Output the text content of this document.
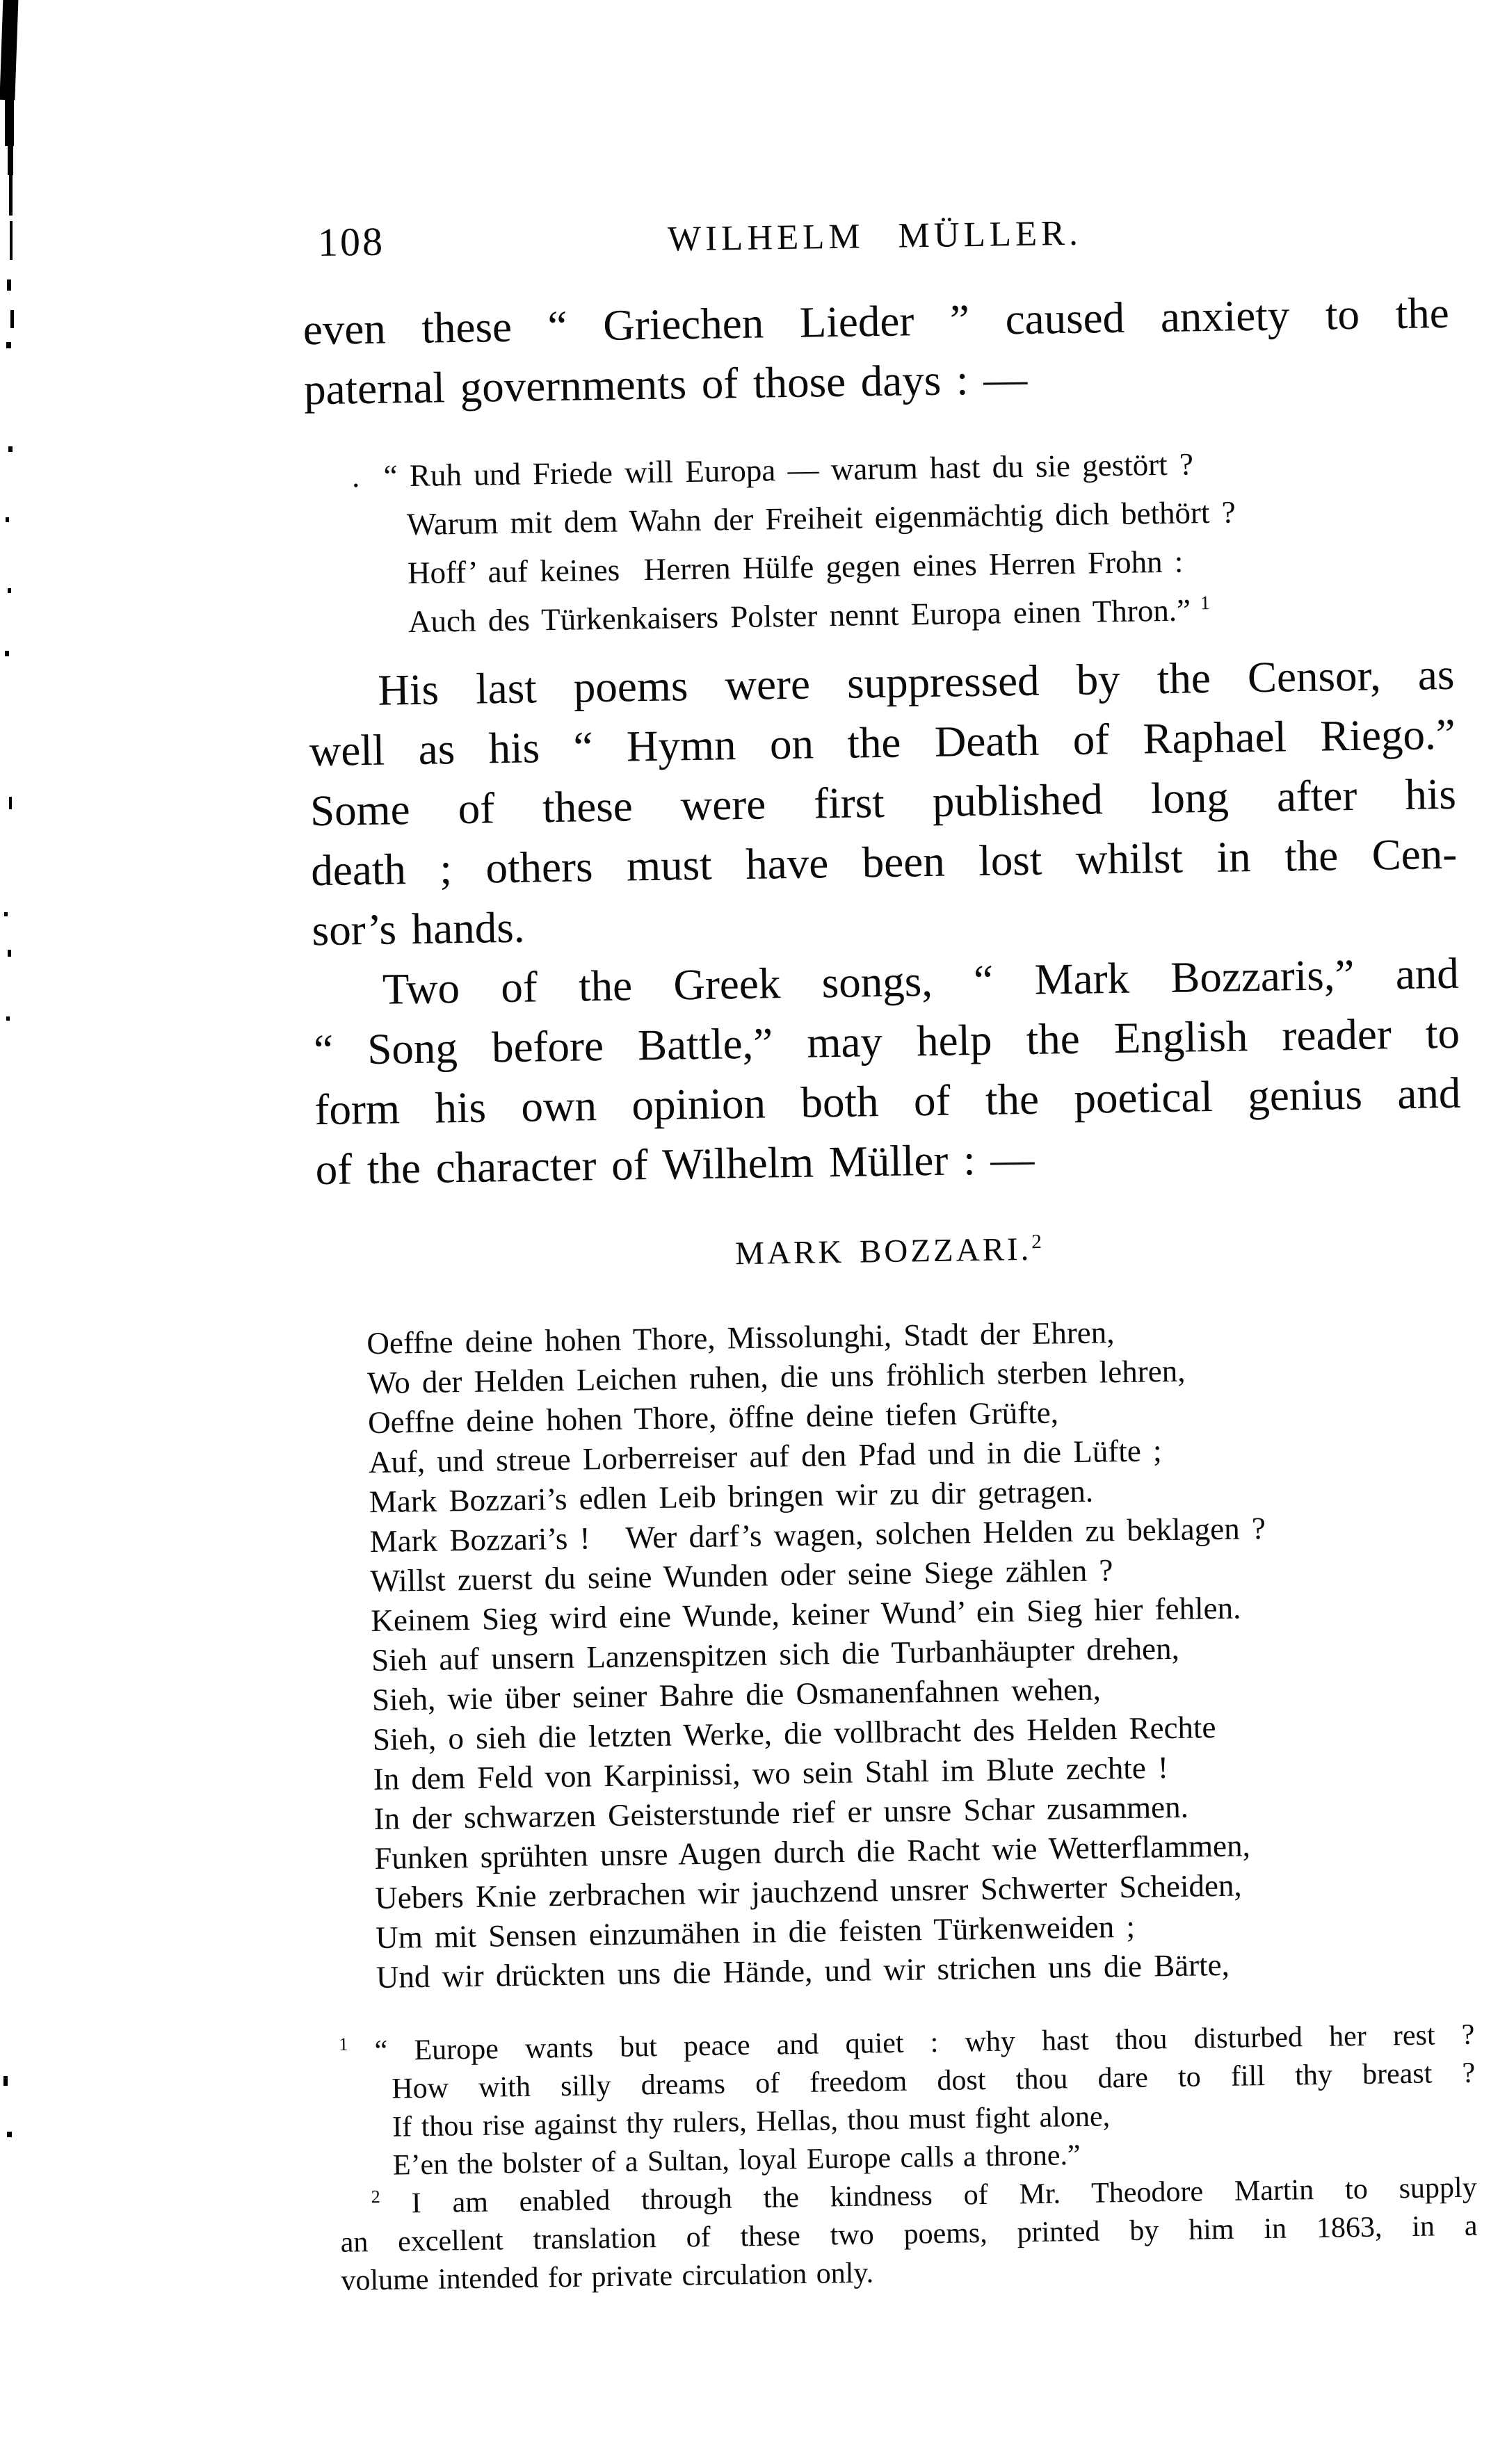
108	WILHELM MÜLLER.
even these “ Griechen Lieder ” caused anxiety to the
paternal governments of those days : —
.  “ Ruh und Friede will Europa — warum hast du sie gestört ?
Warum mit dem Wahn der Freiheit eigenmächtig dich bethört ?
Hoff’ auf keines  Herren Hülfe gegen eines Herren Frohn :
Auch des Türkenkaisers Polster nennt Europa einen Thron.” $^1$
His last poems were suppressed by the Censor, as
well as his “ Hymn on the Death of Raphael Riego.”
Some of these were first published long after his
death ; others must have been lost whilst in the Cen-
sor’s hands.
Two of the Greek songs, “ Mark Bozzaris,” and
“ Song before Battle,” may help the English reader to
form his own opinion both of the poetical genius and
of the character of Wilhelm Müller : —
MARK BOZZARI.$^2$
Oeffne deine hohen Thore, Missolunghi, Stadt der Ehren,
Wo der Helden Leichen ruhen, die uns fröhlich sterben lehren,
Oeffne deine hohen Thore, öffne deine tiefen Grüfte,
Auf, und streue Lorberreiser auf den Pfad und in die Lüfte ;
Mark Bozzari’s edlen Leib bringen wir zu dir getragen.
Mark Bozzari’s !   Wer darf’s wagen, solchen Helden zu beklagen ?
Willst zuerst du seine Wunden oder seine Siege zählen ?
Keinem Sieg wird eine Wunde, keiner Wund’ ein Sieg hier fehlen.
Sieh auf unsern Lanzenspitzen sich die Turbanhäupter drehen,
Sieh, wie über seiner Bahre die Osmanenfahnen wehen,
Sieh, o sieh die letzten Werke, die vollbracht des Helden Rechte
In dem Feld von Karpinissi, wo sein Stahl im Blute zechte !
In der schwarzen Geisterstunde rief er unsre Schar zusammen.
Funken sprühten unsre Augen durch die Racht wie Wetterflammen,
Uebers Knie zerbrachen wir jauchzend unsrer Schwerter Scheiden,
Um mit Sensen einzumähen in die feisten Türkenweiden ;
Und wir drückten uns die Hände, und wir strichen uns die Bärte,
$^1$ “ Europe wants but peace and quiet : why hast thou disturbed her rest ?
How with silly dreams of freedom dost thou dare to fill thy breast ?
If thou rise against thy rulers, Hellas, thou must fight alone,
E’en the bolster of a Sultan, loyal Europe calls a throne.”
$^2$ I am enabled through the kindness of Mr. Theodore Martin to supply
an excellent translation of these two poems, printed by him in 1863, in a
volume intended for private circulation only.
